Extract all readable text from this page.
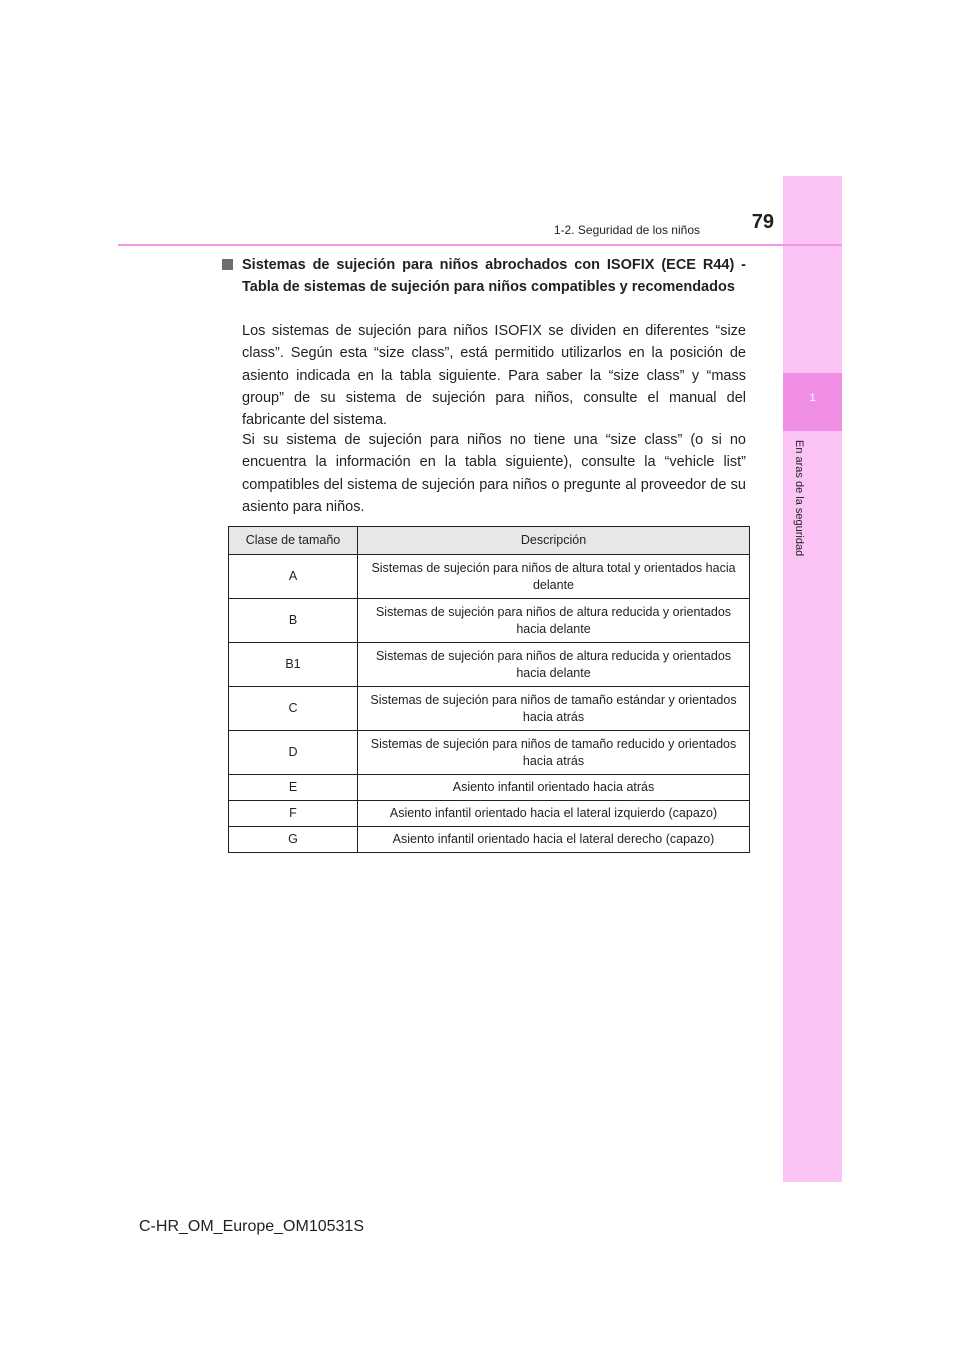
1
En aras de la seguridad
79
1-2. Seguridad de los niños
Sistemas de sujeción para niños abrochados con ISOFIX (ECE R44) - Tabla de sistemas de sujeción para niños compatibles y recomendados

Los sistemas de sujeción para niños ISOFIX se dividen en diferentes “size class”. Según esta “size class”, está permitido utilizarlos en la posición de asiento indicada en la tabla siguiente. Para saber la “size class” y “mass group” de su sistema de sujeción para niños, consulte el manual del fabricante del sistema.

Si su sistema de sujeción para niños no tiene una “size class” (o si no encuentra la información en la tabla siguiente), consulte la “vehicle list” compatibles del sistema de sujeción para niños o pregunte al proveedor de su asiento para niños.

Clase de tamaño	Descripción
A	Sistemas de sujeción para niños de altura total y orientados hacia delante
B	Sistemas de sujeción para niños de altura reducida y orientados hacia delante
B1	Sistemas de sujeción para niños de altura reducida y orientados hacia delante
C	Sistemas de sujeción para niños de tamaño estándar y orientados hacia atrás
D	Sistemas de sujeción para niños de tamaño reducido y orientados hacia atrás
E	Asiento infantil orientado hacia atrás
F	Asiento infantil orientado hacia el lateral izquierdo (capazo)
G	Asiento infantil orientado hacia el lateral derecho (capazo)
C-HR_OM_Europe_OM10531S
